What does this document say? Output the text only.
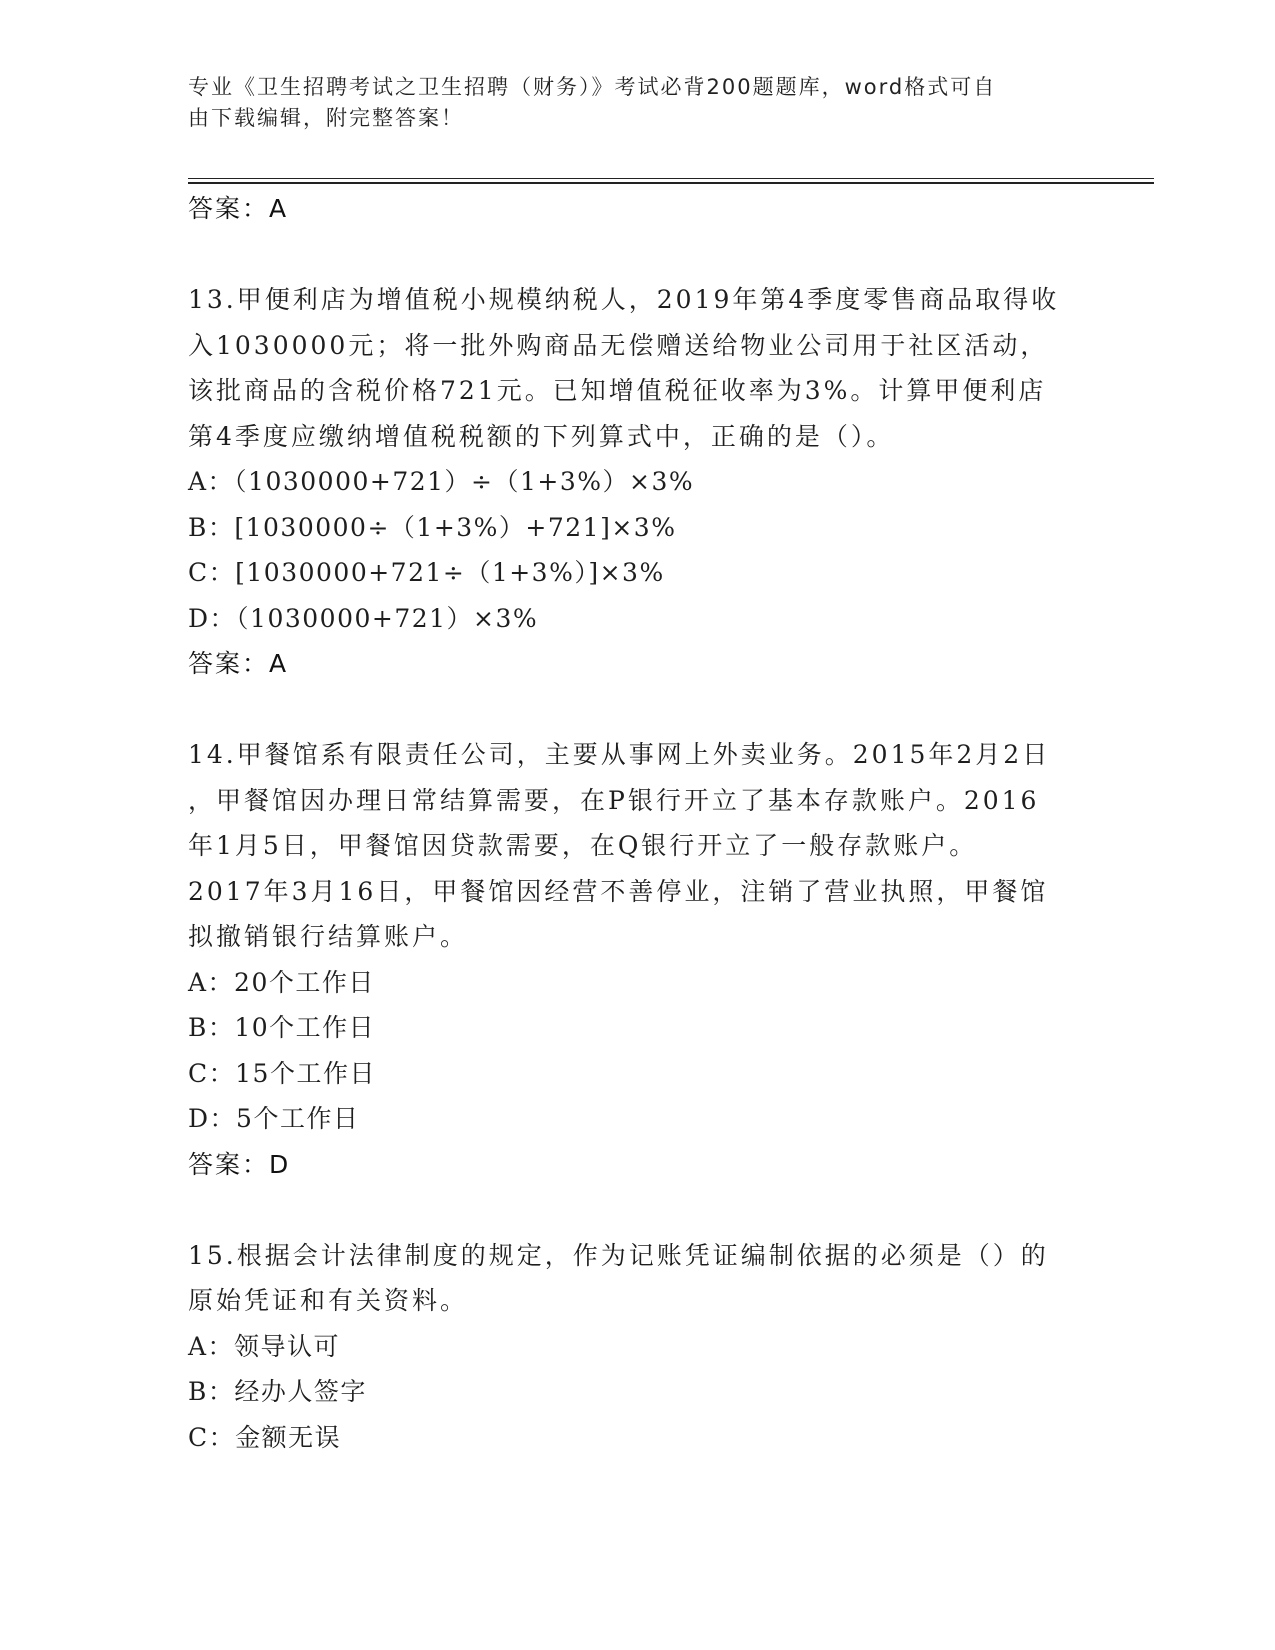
专业《卫生招聘考试之卫生招聘（财务）》考试必背200题题库，word格式可自
由下载编辑，附完整答案！
答案：A
13.甲便利店为增值税小规模纳税人，2019年第4季度零售商品取得收
入1030000元；将一批外购商品无偿赠送给物业公司用于社区活动，
该批商品的含税价格721元。已知增值税征收率为3%。计算甲便利店
第4季度应缴纳增值税税额的下列算式中，正确的是（）。
A：（1030000+721）÷（1+3%）×3%
B：[1030000÷（1+3%）+721]×3%
C：[1030000+721÷（1+3%）]×3%
D：（1030000+721）×3%
答案：A
14.甲餐馆系有限责任公司，主要从事网上外卖业务。2015年2月2日
，甲餐馆因办理日常结算需要，在P银行开立了基本存款账户。2016
年1月5日，甲餐馆因贷款需要，在Q银行开立了一般存款账户。
2017年3月16日，甲餐馆因经营不善停业，注销了营业执照，甲餐馆
拟撤销银行结算账户。
A：20个工作日
B：10个工作日
C：15个工作日
D：5个工作日
答案：D
15.根据会计法律制度的规定，作为记账凭证编制依据的必须是（）的
原始凭证和有关资料。
A：领导认可
B：经办人签字
C：金额无误
